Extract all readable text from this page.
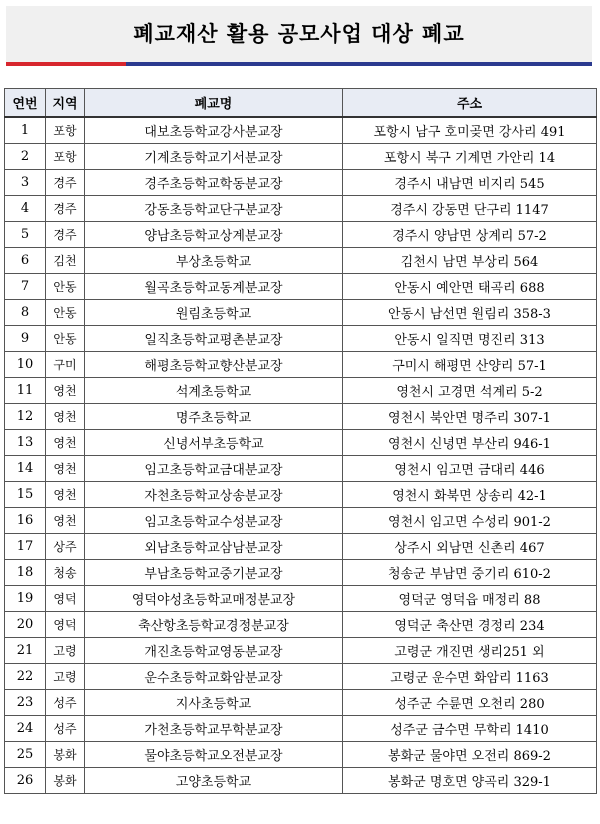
폐교재산 활용 공모사업 대상 폐교
연번	지역	폐교명	주소
1	포항	대보초등학교강사분교장	포항시 남구 호미곶면 강사리 491
2	포항	기계초등학교기서분교장	포항시 북구 기계면 가안리 14
3	경주	경주초등학교학동분교장	경주시 내남면 비지리 545
4	경주	강동초등학교단구분교장	경주시 강동면 단구리 1147
5	경주	양남초등학교상계분교장	경주시 양남면 상계리 57-2
6	김천	부상초등학교	김천시 남면 부상리 564
7	안동	월곡초등학교동계분교장	안동시 예안면 태곡리 688
8	안동	원림초등학교	안동시 남선면 원림리 358-3
9	안동	일직초등학교평촌분교장	안동시 일직면 명진리 313
10	구미	해평초등학교향산분교장	구미시 해평면 산양리 57-1
11	영천	석계초등학교	영천시 고경면 석계리 5-2
12	영천	명주초등학교	영천시 북안면 명주리 307-1
13	영천	신녕서부초등학교	영천시 신녕면 부산리 946-1
14	영천	임고초등학교금대분교장	영천시 임고면 금대리 446
15	영천	자천초등학교상송분교장	영천시 화북면 상송리 42-1
16	영천	임고초등학교수성분교장	영천시 임고면 수성리 901-2
17	상주	외남초등학교삼남분교장	상주시 외남면 신촌리 467
18	청송	부남초등학교중기분교장	청송군 부남면 중기리 610-2
19	영덕	영덕야성초등학교매정분교장	영덕군 영덕읍 매정리 88
20	영덕	축산항초등학교경정분교장	영덕군 축산면 경정리 234
21	고령	개진초등학교영동분교장	고령군 개진면 생리251 외
22	고령	운수초등학교화암분교장	고령군 운수면 화암리 1163
23	성주	지사초등학교	성주군 수륜면 오천리 280
24	성주	가천초등학교무학분교장	성주군 금수면 무학리 1410
25	봉화	물야초등학교오전분교장	봉화군 물야면 오전리 869-2
26	봉화	고양초등학교	봉화군 명호면 양곡리 329-1
